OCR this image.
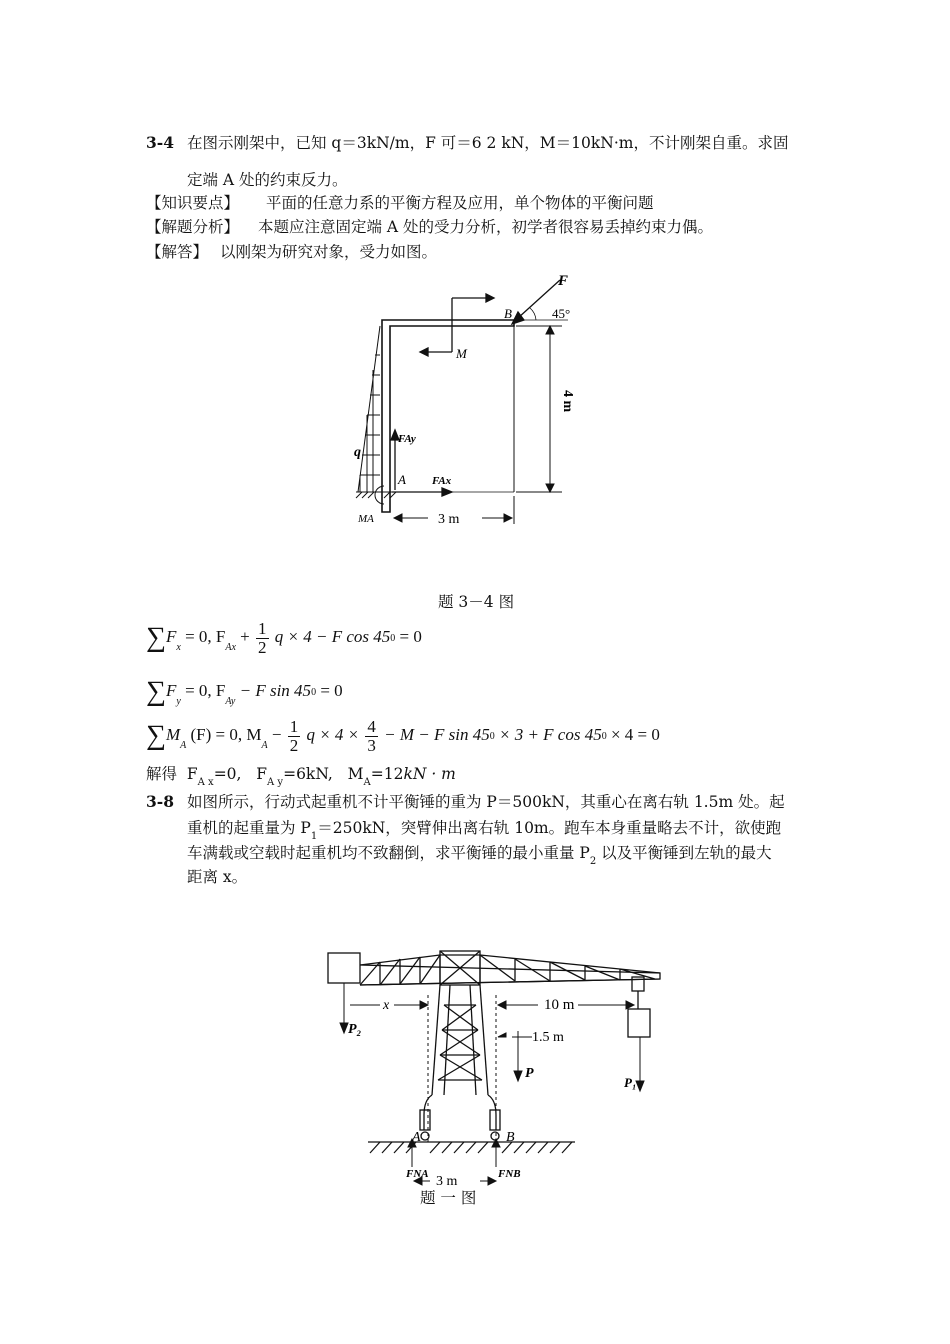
3-4 在图示刚架中，已知 q＝3kN/m，F 可＝6 2 kN，M＝10kN·m，不计刚架自重。求固
定端 A 处的约束反力。
【知识要点】 平面的任意力系的平衡方程及应用，单个物体的平衡问题
【解题分析】 本题应注意固定端 A 处的受力分析，初学者很容易丢掉约束力偶。
【解答】 以刚架为研究对象，受力如图。
F
B	45°
M
4 m
FAy
q
A FAx
MA	3 m
题 3－4 图
$\sum F_x = 0$, $F_{Ax} + \frac{1}{2}$ q × 4 − F cos 450 = 0
$\sum F_y = 0$, $F_{Ay} - F$ sin 450 = 0
$\sum M_A$ (F) = 0, $M_A - \frac{1}{2}$ $q \times 4 \times \frac{4}{3} - M - F$ sin 450 × 3 + F cos 450 × 4 = 0
解得 $F_{A x}=0$, $F_{A y}=6kN$, $M_A=12kN \cdot m$
3-8 如图所示，行动式起重机不计平衡锤的重为 P＝500kN，其重心在离右轨 1.5m 处。起
重机的起重量为 $P_1=250kN$，突臂伸出离右轨 10m。跑车本身重量略去不计，欲使跑
车满载或空载时起重机均不致翻倒，求平衡锤的最小重量 $P_2$ 以及平衡锤到左轨的最大
距离 x。
P₂
x	10 m
1.5 m
P
P₁
A	B
FNA	FNB
3 m
题 一 图
